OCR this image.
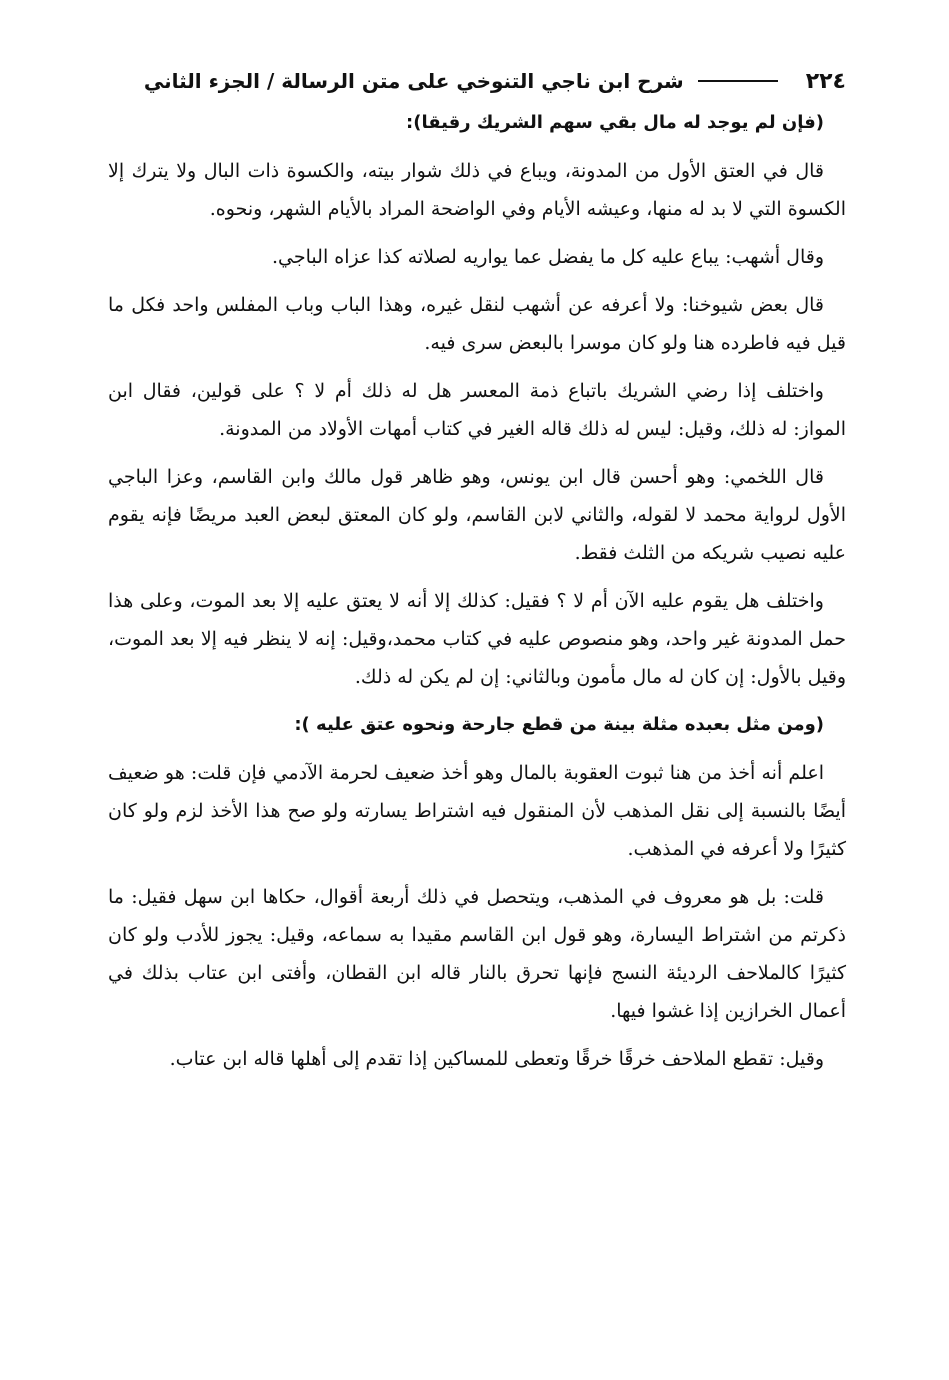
٢٢٤
شرح ابن ناجي التنوخي على متن الرسالة / الجزء الثاني

(فإن لم يوجد له مال بقي سهم الشريك رقيقا):

قال في العتق الأول من المدونة، ويباع في ذلك شوار بيته، والكسوة ذات البال ولا يترك إلا الكسوة التي لا بد له منها، وعيشه الأيام وفي الواضحة المراد بالأيام الشهر، ونحوه.

وقال أشهب: يباع عليه كل ما يفضل عما يواريه لصلاته كذا عزاه الباجي.

قال بعض شيوخنا: ولا أعرفه عن أشهب لنقل غيره، وهذا الباب وباب المفلس واحد فكل ما قيل فيه فاطرده هنا ولو كان موسرا بالبعض سرى فيه.

واختلف إذا رضي الشريك باتباع ذمة المعسر هل له ذلك أم لا ؟ على قولين، فقال ابن المواز: له ذلك، وقيل: ليس له ذلك قاله الغير في كتاب أمهات الأولاد من المدونة.

قال اللخمي: وهو أحسن قال ابن يونس، وهو ظاهر قول مالك وابن القاسم، وعزا الباجي الأول لرواية محمد لا لقوله، والثاني لابن القاسم، ولو كان المعتق لبعض العبد مريضًا فإنه يقوم عليه نصيب شريكه من الثلث فقط.

واختلف هل يقوم عليه الآن أم لا ؟ فقيل: كذلك إلا أنه لا يعتق عليه إلا بعد الموت، وعلى هذا حمل المدونة غير واحد، وهو منصوص عليه في كتاب محمد،وقيل: إنه لا ينظر فيه إلا بعد الموت، وقيل بالأول: إن كان له مال مأمون وبالثاني: إن لم يكن له ذلك.

(ومن مثل بعبده مثلة بينة من قطع جارحة ونحوه عتق عليه ):

اعلم أنه أخذ من هنا ثبوت العقوبة بالمال وهو أخذ ضعيف لحرمة الآدمي فإن قلت: هو ضعيف أيضًا بالنسبة إلى نقل المذهب لأن المنقول فيه اشتراط يسارته ولو صح هذا الأخذ لزم ولو كان كثيرًا ولا أعرفه في المذهب.

قلت: بل هو معروف في المذهب، ويتحصل في ذلك أربعة أقوال، حكاها ابن سهل فقيل: ما ذكرتم من اشتراط اليسارة، وهو قول ابن القاسم مقيدا به سماعه، وقيل: يجوز للأدب ولو كان كثيرًا كالملاحف الرديئة النسج فإنها تحرق بالنار قاله ابن القطان، وأفتى ابن عتاب بذلك في أعمال الخرازين إذا غشوا فيها.

وقيل: تقطع الملاحف خرقًا خرقًا وتعطى للمساكين إذا تقدم إلى أهلها قاله ابن عتاب.
